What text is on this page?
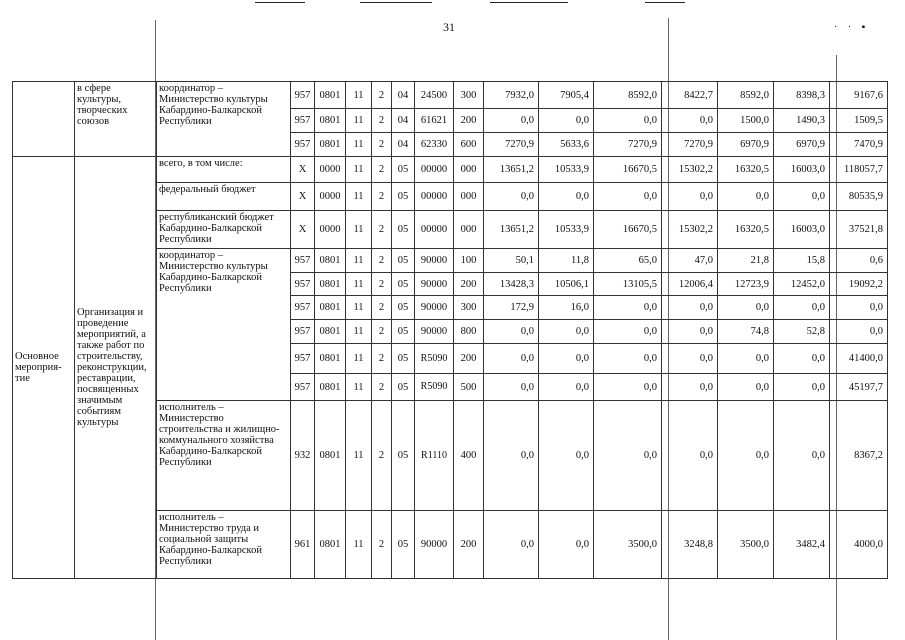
31	· · ▪
	в сфере культуры, творческих союзов	координатор – Министерство культуры Кабардино-Балкарской Республики	957	0801	11	2	04	24500	300	7932,0	7905,4	8592,0	8422,7	8592,0	8398,3	9167,6
			957	0801	11	2	04	61621	200	0,0	0,0	0,0	0,0	1500,0	1490,3	1509,5
			957	0801	11	2	04	62330	600	7270,9	5633,6	7270,9	7270,9	6970,9	6970,9	7470,9
Основное мероприя-тие	Организация и проведение мероприятий, а также работ по строительству, реконструкции, реставрации, посвященных значимым событиям культуры	всего, в том числе:	Х	0000	11	2	05	00000	000	13651,2	10533,9	16670,5	15302,2	16320,5	16003,0	118057,7
		федеральный бюджет	Х	0000	11	2	05	00000	000	0,0	0,0	0,0	0,0	0,0	0,0	80535,9
		республиканский бюджет Кабардино-Балкарской Республики	Х	0000	11	2	05	00000	000	13651,2	10533,9	16670,5	15302,2	16320,5	16003,0	37521,8
		координатор – Министерство культуры Кабардино-Балкарской Республики	957	0801	11	2	05	90000	100	50,1	11,8	65,0	47,0	21,8	15,8	0,6
			957	0801	11	2	05	90000	200	13428,3	10506,1	13105,5	12006,4	12723,9	12452,0	19092,2
			957	0801	11	2	05	90000	300	172,9	16,0	0,0	0,0	0,0	0,0	0,0
			957	0801	11	2	05	90000	800	0,0	0,0	0,0	0,0	74,8	52,8	0,0
			957	0801	11	2	05	R5090	200	0,0	0,0	0,0	0,0	0,0	0,0	41400,0
			957	0801	11	2	05	R5090	500	0,0	0,0	0,0	0,0	0,0	0,0	45197,7
		исполнитель – Министерство строительства и жилищно-коммунального хозяйства Кабардино-Балкарской Республики	932	0801	11	2	05	R1110	400	0,0	0,0	0,0	0,0	0,0	0,0	8367,2
		исполнитель – Министерство труда и социальной защиты Кабардино-Балкарской Республики	961	0801	11	2	05	90000	200	0,0	0,0	3500,0	3248,8	3500,0	3482,4	4000,0
